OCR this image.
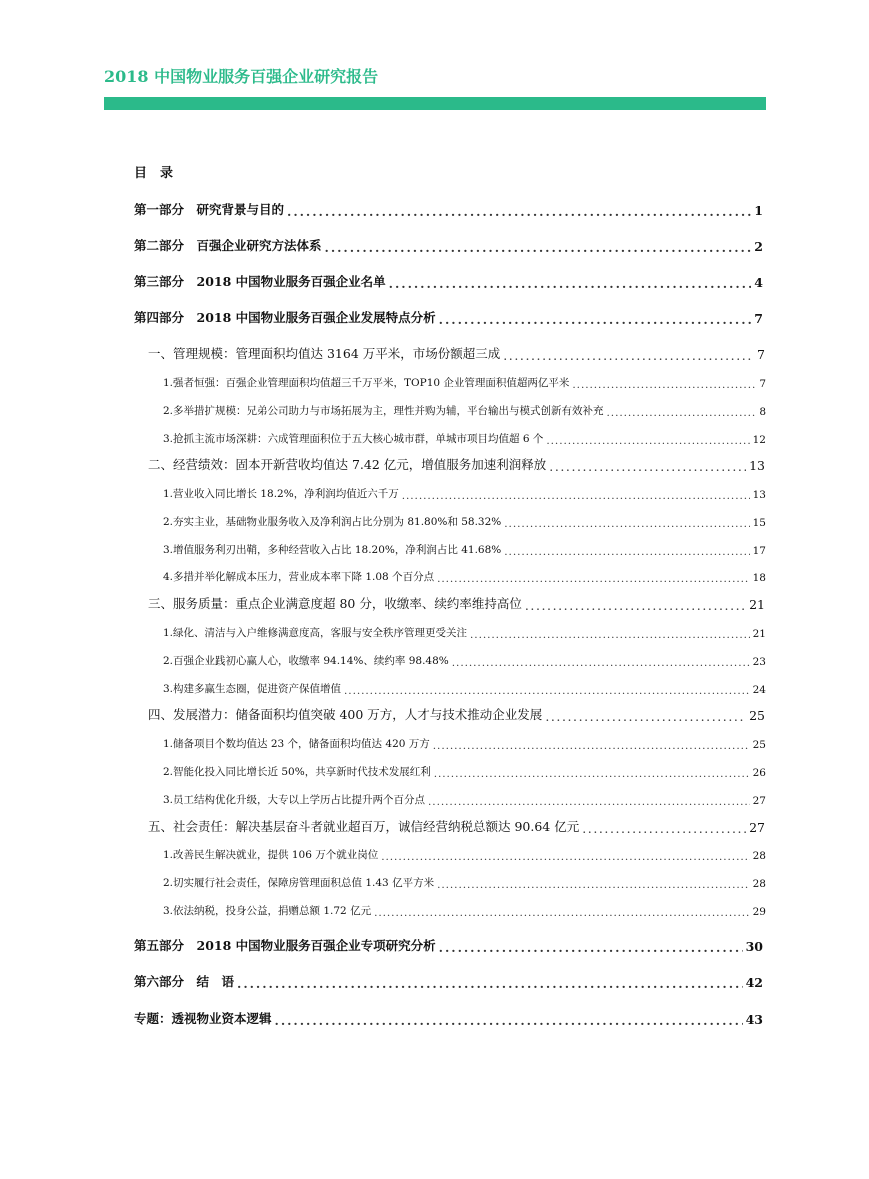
2018 中国物业服务百强企业研究报告
目　录
第一部分　研究背景与目的 . . .	1
第二部分　百强企业研究方法体系 . . .	2
第三部分　2018 中国物业服务百强企业名单 . . .	4
第四部分　2018 中国物业服务百强企业发展特点分析 . . .	7
一、管理规模：管理面积均值达 3164 万平米，市场份额超三成 . . .	7
1.强者恒强：百强企业管理面积均值超三千万平米，TOP10 企业管理面积值超两亿平米 . . .	7
2.多举措扩规模：兄弟公司助力与市场拓展为主，理性并购为辅，平台输出与模式创新有效补充 . . .	8
3.抢抓主流市场深耕：六成管理面积位于五大核心城市群，单城市项目均值超 6 个 . . .	12
二、经营绩效：固本开新营收均值达 7.42 亿元，增值服务加速利润释放 . . .	13
1.营业收入同比增长 18.2%，净利润均值近六千万 . . .	13
2.夯实主业，基础物业服务收入及净利润占比分别为 81.80%和 58.32% . . .	15
3.增值服务利刃出鞘，多种经营收入占比 18.20%，净利润占比 41.68% . . .	17
4.多措并举化解成本压力，营业成本率下降 1.08 个百分点 . . .	18
三、服务质量：重点企业满意度超 80 分，收缴率、续约率维持高位 . . .	21
1.绿化、清洁与入户维修满意度高，客服与安全秩序管理更受关注 . . .	21
2.百强企业践初心赢人心，收缴率 94.14%、续约率 98.48% . . .	23
3.构建多赢生态圈，促进资产保值增值 . . .	24
四、发展潜力：储备面积均值突破 400 万方，人才与技术推动企业发展 . . .	25
1.储备项目个数均值达 23 个，储备面积均值达 420 万方 . . .	25
2.智能化投入同比增长近 50%，共享新时代技术发展红利 . . .	26
3.员工结构优化升级，大专以上学历占比提升两个百分点 . . .	27
五、社会责任：解决基层奋斗者就业超百万，诚信经营纳税总额达 90.64 亿元 . . .	27
1.改善民生解决就业，提供 106 万个就业岗位 . . .	28
2.切实履行社会责任，保障房管理面积总值 1.43 亿平方米 . . .	28
3.依法纳税，投身公益，捐赠总额 1.72 亿元 . . .	29
第五部分　2018 中国物业服务百强企业专项研究分析 . . .	30
第六部分　结　语 . . .	42
专题：透视物业资本逻辑 . . .	43
